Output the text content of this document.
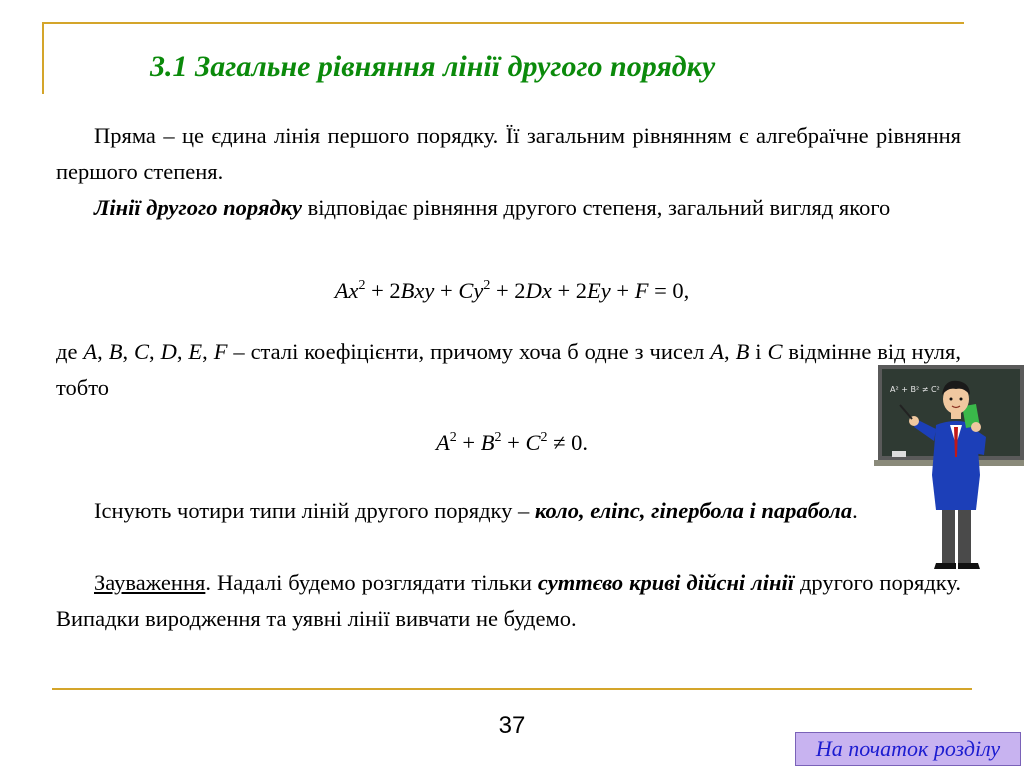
3.1 Загальне рівняння лінії другого порядку

Пряма – це єдина лінія першого порядку. Її загальним рівнянням є алгебраїчне рівняння першого степеня.

Лінії другого порядку відповідає рівняння другого степеня, загальний вигляд якого

$Ax^2 + 2Bxy + Cy^2 + 2Dx + 2Ey + F = 0$,

де A, B, C, D, E, F – сталі коефіцієнти, причому хоча б одне з чисел A, B і C відмінне від нуля, тобто

$A^2 + B^2 + C^2 \ne 0$.

Існують чотири типи ліній другого порядку – коло, еліпс, гіпербола і парабола.

Зауваження. Надалі будемо розглядати тільки суттєво криві дійсні лінії другого порядку. Випадки виродження та уявні лінії вивчати не будемо.

A² + B² ≠ C²
37
На початок розділу
